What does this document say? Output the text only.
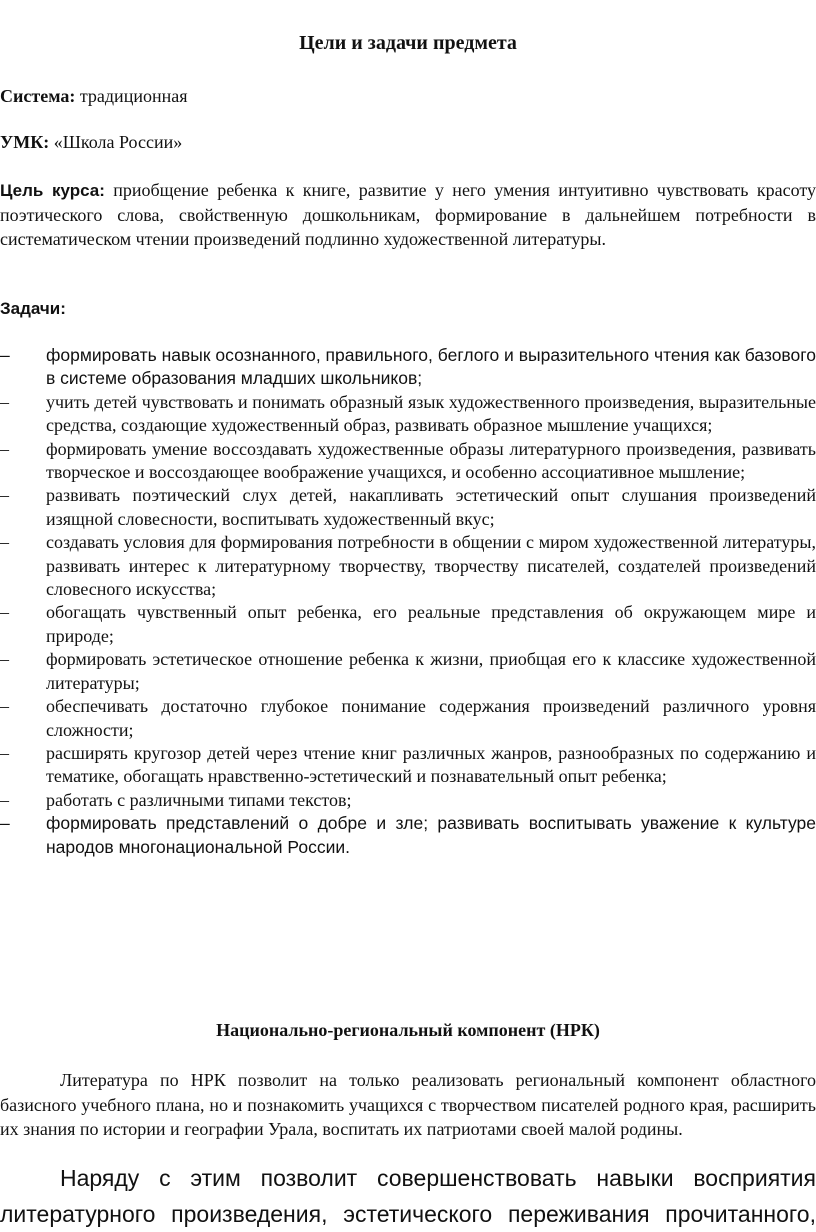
Цели и задачи предмета
Система: традиционная
УМК: «Школа России»
Цель курса: приобщение ребенка к книге, развитие у него умения интуитивно чувствовать красоту поэтического слова, свойственную дошкольникам, формирование в дальнейшем потребности в систематическом чтении произведений подлинно художественной литературы.
Задачи:
– формировать навык осознанного, правильного, беглого и выразительного чтения как базового в системе образования младших школьников;
– учить детей чувствовать и понимать образный язык художественного произведения, выразительные средства, создающие художественный образ, развивать образное мышление учащихся;
– формировать умение воссоздавать художественные образы литературного произведения, развивать творческое и воссоздающее воображение учащихся, и особенно ассоциативное мышление;
– развивать поэтический слух детей, накапливать эстетический опыт слушания произведений изящной словесности, воспитывать художественный вкус;
– создавать условия для формирования потребности в общении с миром художественной литературы, развивать интерес к литературному творчеству, творчеству писателей, создателей произведений словесного искусства;
– обогащать чувственный опыт ребенка, его реальные представления об окружающем мире и природе;
– формировать эстетическое отношение ребенка к жизни, приобщая его к классике художественной литературы;
– обеспечивать достаточно глубокое понимание содержания произведений различного уровня сложности;
– расширять кругозор детей через чтение книг различных жанров, разнообразных по содержанию и тематике, обогащать нравственно-эстетический и познавательный опыт ребенка;
– работать с различными типами текстов;
– формировать представлений о добре и зле; развивать воспитывать уважение к культуре народов многонациональной России.
Национально-региональный компонент (НРК)
Литература по НРК позволит на только реализовать региональный компонент областного базисного учебного плана, но и познакомить учащихся с творчеством писателей родного края, расширить их знания по истории и географии Урала, воспитать их патриотами своей малой родины.
Наряду с этим позволит совершенствовать навыки восприятия литературного произведения, эстетического переживания прочитанного,
